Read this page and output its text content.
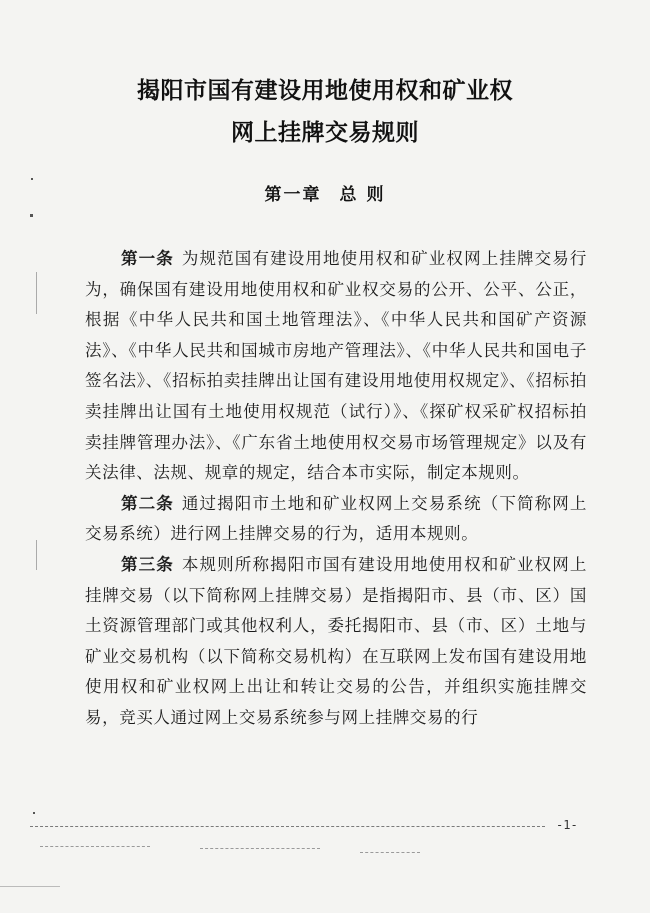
揭阳市国有建设用地使用权和矿业权
网上挂牌交易规则
第一章 总 则

第一条 为规范国有建设用地使用权和矿业权网上挂牌交易行为，确保国有建设用地使用权和矿业权交易的公开、公平、公正，根据《中华人民共和国土地管理法》、《中华人民共和国矿产资源法》、《中华人民共和国城市房地产管理法》、《中华人民共和国电子签名法》、《招标拍卖挂牌出让国有建设用地使用权规定》、《招标拍卖挂牌出让国有土地使用权规范（试行）》、《探矿权采矿权招标拍卖挂牌管理办法》、《广东省土地使用权交易市场管理规定》以及有关法律、法规、规章的规定，结合本市实际，制定本规则。

第二条 通过揭阳市土地和矿业权网上交易系统（下简称网上交易系统）进行网上挂牌交易的行为，适用本规则。

第三条 本规则所称揭阳市国有建设用地使用权和矿业权网上挂牌交易（以下简称网上挂牌交易）是指揭阳市、县（市、区）国土资源管理部门或其他权利人，委托揭阳市、县（市、区）土地与矿业交易机构（以下简称交易机构）在互联网上发布国有建设用地使用权和矿业权网上出让和转让交易的公告，并组织实施挂牌交易，竞买人通过网上交易系统参与网上挂牌交易的行

-1-
